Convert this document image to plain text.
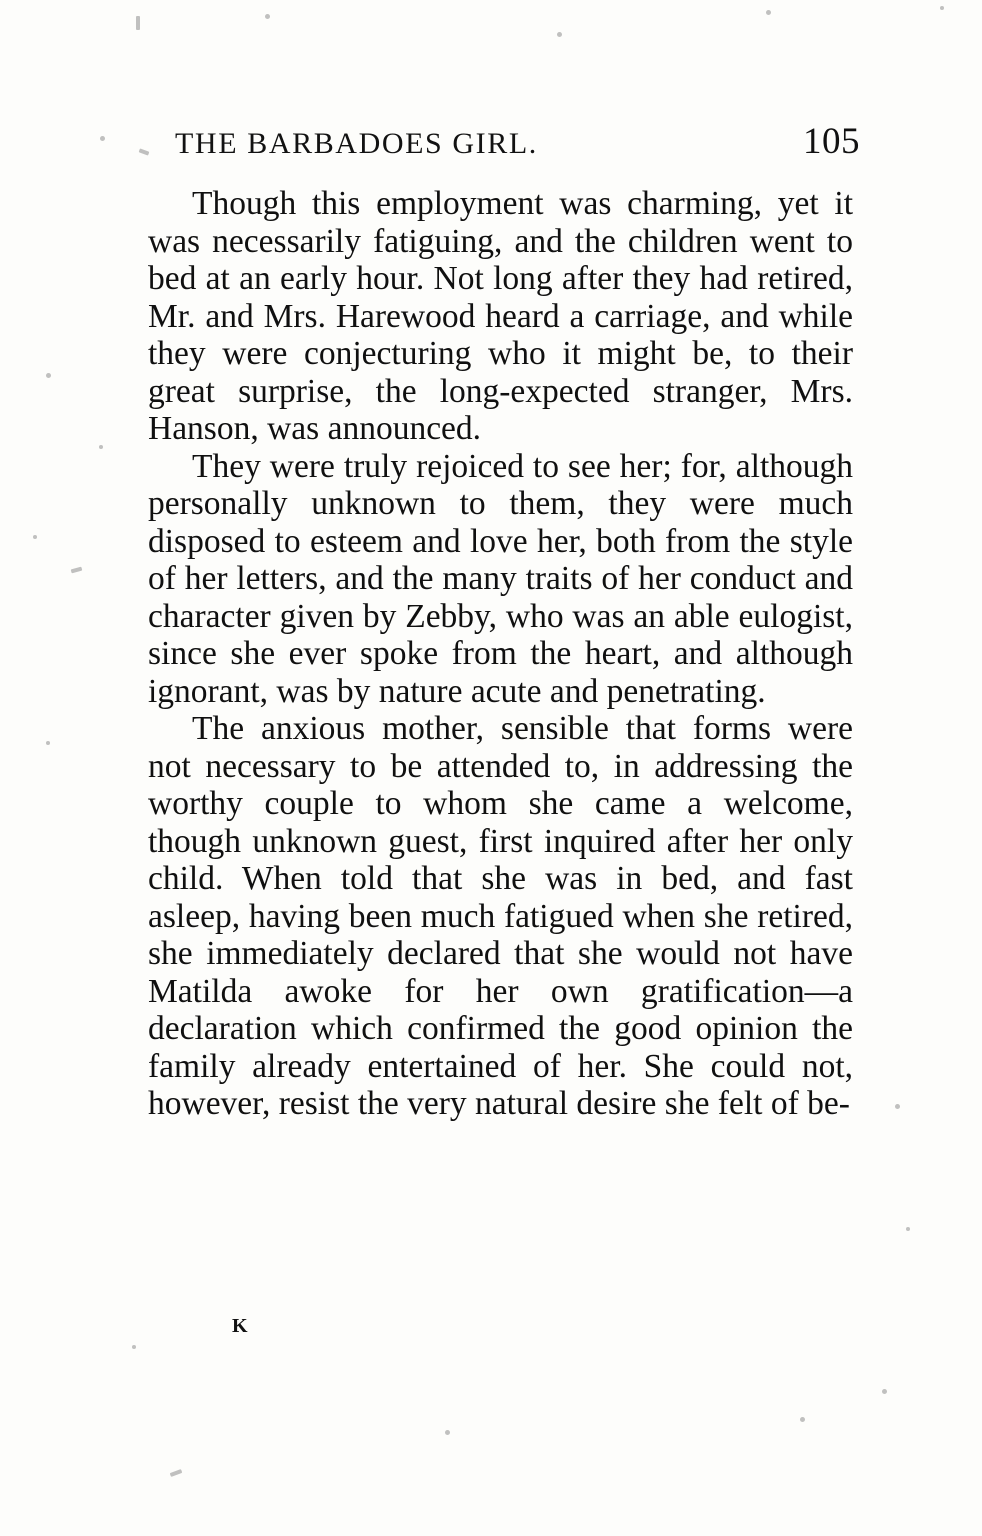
THE BARBADOES GIRL.	105

Though this employment was charming, yet it was necessarily fatiguing, and the children went to bed at an early hour. Not long after they had retired, Mr. and Mrs. Harewood heard a carriage, and while they were conjecturing who it might be, to their great surprise, the long-expected stranger, Mrs. Hanson, was announced.

They were truly rejoiced to see her; for, although personally unknown to them, they were much disposed to esteem and love her, both from the style of her letters, and the many traits of her conduct and character given by Zebby, who was an able eulogist, since she ever spoke from the heart, and although ignorant, was by nature acute and penetrating.

The anxious mother, sensible that forms were not necessary to be attended to, in addressing the worthy couple to whom she came a welcome, though unknown guest, first inquired after her only child. When told that she was in bed, and fast asleep, having been much fatigued when she retired, she immediately declared that she would not have Matilda awoke for her own gratification—a declaration which confirmed the good opinion the family already entertained of her. She could not, however, resist the very natural desire she felt of be-

K
